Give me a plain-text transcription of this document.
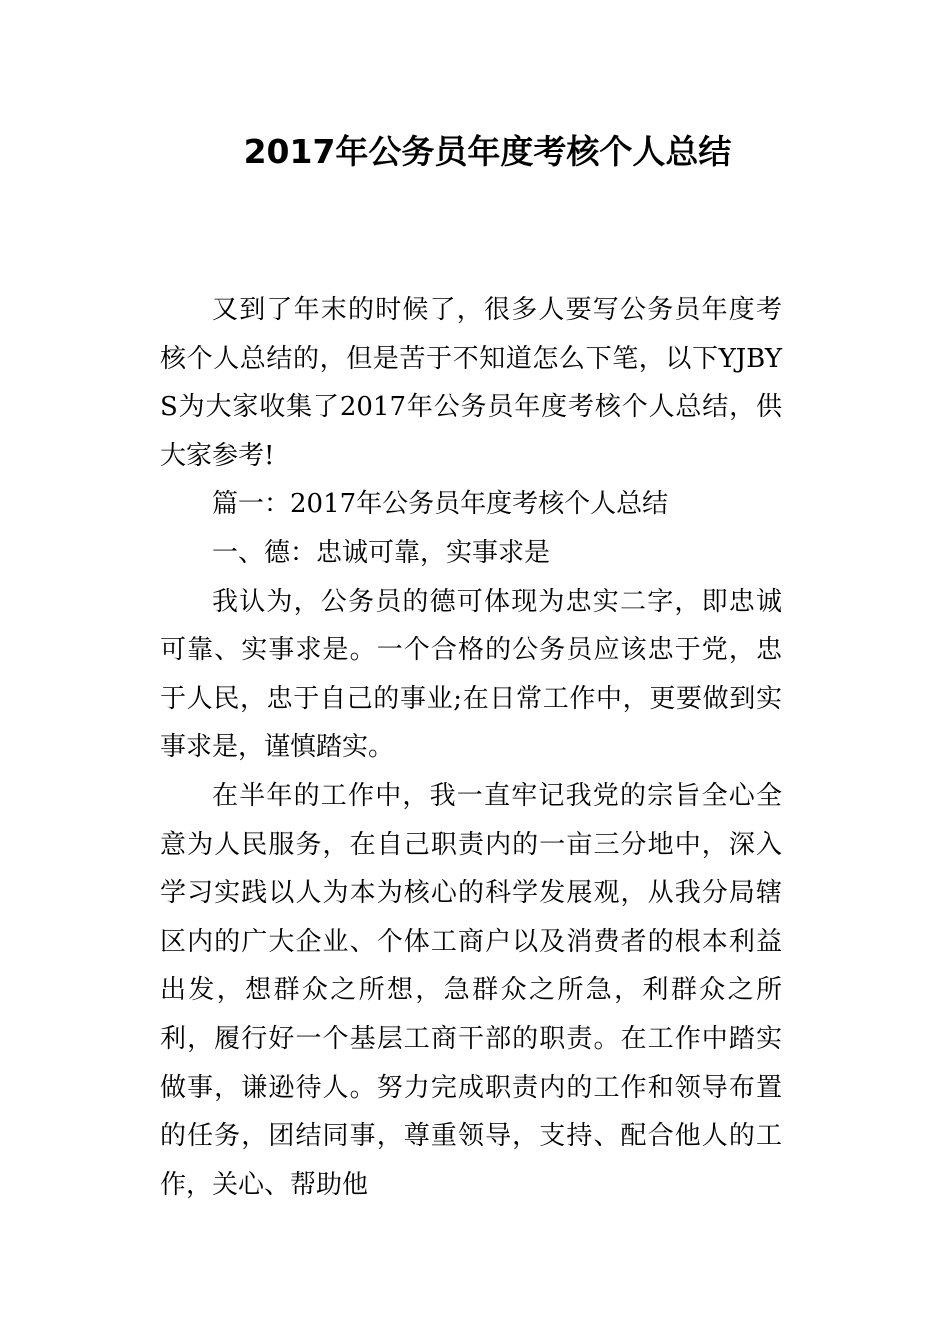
2017年公务员年度考核个人总结

又到了年末的时候了，很多人要写公务员年度考核个人总结的，但是苦于不知道怎么下笔，以下YJBYS为大家收集了2017年公务员年度考核个人总结，供大家参考!

篇一：2017年公务员年度考核个人总结

一、德：忠诚可靠，实事求是

我认为，公务员的德可体现为忠实二字，即忠诚可靠、实事求是。一个合格的公务员应该忠于党，忠于人民，忠于自己的事业;在日常工作中，更要做到实事求是，谨慎踏实。

在半年的工作中，我一直牢记我党的宗旨全心全意为人民服务，在自己职责内的一亩三分地中，深入学习实践以人为本为核心的科学发展观，从我分局辖区内的广大企业、个体工商户以及消费者的根本利益出发，想群众之所想，急群众之所急，利群众之所利，履行好一个基层工商干部的职责。在工作中踏实做事，谦逊待人。努力完成职责内的工作和领导布置的任务，团结同事，尊重领导，支持、配合他人的工作，关心、帮助他
